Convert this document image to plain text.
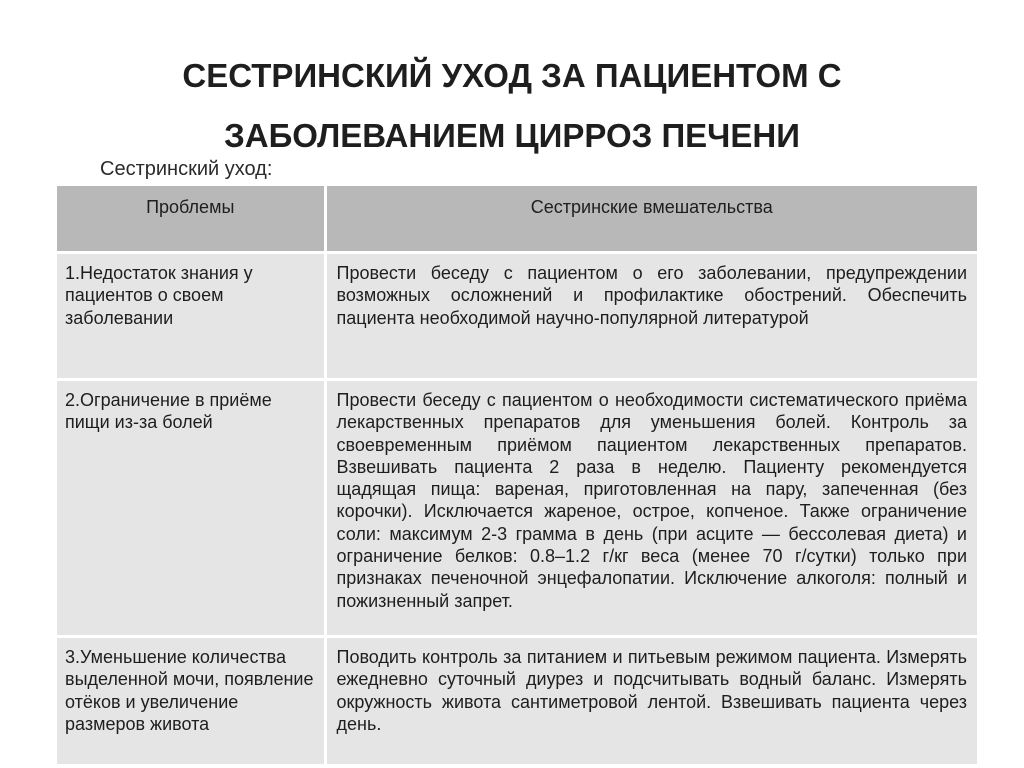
СЕСТРИНСКИЙ УХОД ЗА ПАЦИЕНТОМ С
ЗАБОЛЕВАНИЕМ ЦИРРОЗ ПЕЧЕНИ
Сестринский уход:
Проблемы	Сестринские вмешательства
1.Недостаток знания у пациентов о своем заболевании	Провести беседу с пациентом о его заболевании, предупреждении возможных осложнений и профилактике обострений. Обеспечить пациента необходимой научно-популярной литературой
2.Ограничение в приёме пищи из-за болей	Провести беседу с пациентом о необходимости систематического приёма лекарственных препаратов для уменьшения болей. Контроль за своевременным приёмом пациентом лекарственных препаратов. Взвешивать пациента 2 раза в неделю. Пациенту рекомендуется щадящая пища: вареная, приготовленная на пару, запеченная (без корочки). Исключается жареное, острое, копченое. Также ограничение соли: максимум 2-3 грамма в день (при асците — бессолевая диета) и ограничение белков: 0.8–1.2 г/кг веса (менее 70 г/сутки) только при признаках печеночной энцефалопатии. Исключение алкоголя: полный и пожизненный запрет.
3.Уменьшение количества выделенной мочи, появление отёков и увеличение размеров живота	Поводить контроль за питанием и питьевым режимом пациента. Измерять ежедневно суточный диурез и подсчитывать водный баланс. Измерять окружность живота сантиметровой лентой. Взвешивать пациента через день.
